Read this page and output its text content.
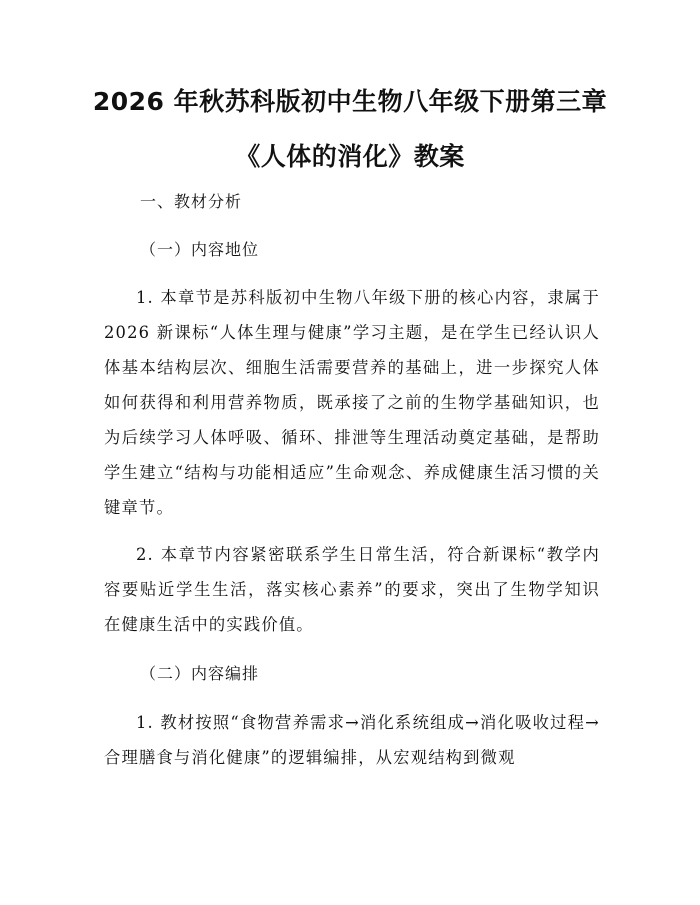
2026 年秋苏科版初中生物八年级下册第三章
《人体的消化》教案
一、教材分析
（一）内容地位
1. 本章节是苏科版初中生物八年级下册的核心内容，隶属于 2026 新课标“人体生理与健康”学习主题，是在学生已经认识人体基本结构层次、细胞生活需要营养的基础上，进一步探究人体如何获得和利用营养物质，既承接了之前的生物学基础知识，也为后续学习人体呼吸、循环、排泄等生理活动奠定基础，是帮助学生建立“结构与功能相适应”生命观念、养成健康生活习惯的关键章节。
2. 本章节内容紧密联系学生日常生活，符合新课标“教学内容要贴近学生生活，落实核心素养”的要求，突出了生物学知识在健康生活中的实践价值。
（二）内容编排
1. 教材按照“食物营养需求→消化系统组成→消化吸收过程→合理膳食与消化健康”的逻辑编排，从宏观结构到微观
